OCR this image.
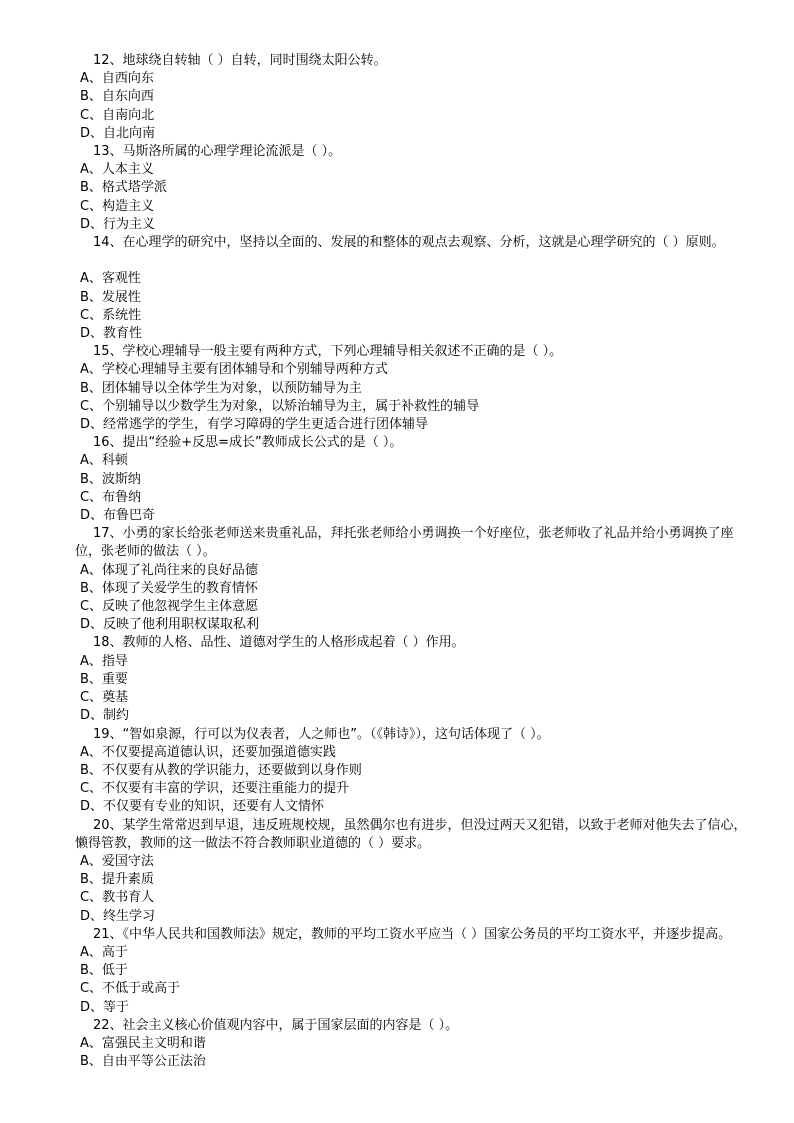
12、地球绕自转轴（ ）自转，同时围绕太阳公转。
A、自西向东
B、自东向西
C、自南向北
D、自北向南
13、马斯洛所属的心理学理论流派是（ ）。
A、人本主义
B、格式塔学派
C、构造主义
D、行为主义
14、在心理学的研究中，坚持以全面的、发展的和整体的观点去观察、分析，这就是心理学研究的（ ）原则。
A、客观性
B、发展性
C、系统性
D、教育性
15、学校心理辅导一般主要有两种方式，下列心理辅导相关叙述不正确的是（ ）。
A、学校心理辅导主要有团体辅导和个别辅导两种方式
B、团体辅导以全体学生为对象，以预防辅导为主
C、个别辅导以少数学生为对象，以矫治辅导为主，属于补救性的辅导
D、经常逃学的学生，有学习障碍的学生更适合进行团体辅导
16、提出“经验+反思=成长”教师成长公式的是（ ）。
A、科顿
B、波斯纳
C、布鲁纳
D、布鲁巴奇
17、小勇的家长给张老师送来贵重礼品，拜托张老师给小勇调换一个好座位，张老师收了礼品并给小勇调换了座位，张老师的做法（ ）。
A、体现了礼尚往来的良好品德
B、体现了关爱学生的教育情怀
C、反映了他忽视学生主体意愿
D、反映了他利用职权谋取私利
18、教师的人格、品性、道德对学生的人格形成起着（ ）作用。
A、指导
B、重要
C、奠基
D、制约
19、“智如泉源，行可以为仪表者，人之师也”。（《韩诗》），这句话体现了（ ）。
A、不仅要提高道德认识，还要加强道德实践
B、不仅要有从教的学识能力，还要做到以身作则
C、不仅要有丰富的学识，还要注重能力的提升
D、不仅要有专业的知识，还要有人文情怀
20、某学生常常迟到早退，违反班规校规，虽然偶尔也有进步，但没过两天又犯错，以致于老师对他失去了信心，懒得管教，教师的这一做法不符合教师职业道德的（ ）要求。
A、爱国守法
B、提升素质
C、教书育人
D、终生学习
21、《中华人民共和国教师法》规定，教师的平均工资水平应当（ ）国家公务员的平均工资水平，并逐步提高。
A、高于
B、低于
C、不低于或高于
D、等于
22、社会主义核心价值观内容中，属于国家层面的内容是（ ）。
A、富强民主文明和谐
B、自由平等公正法治
